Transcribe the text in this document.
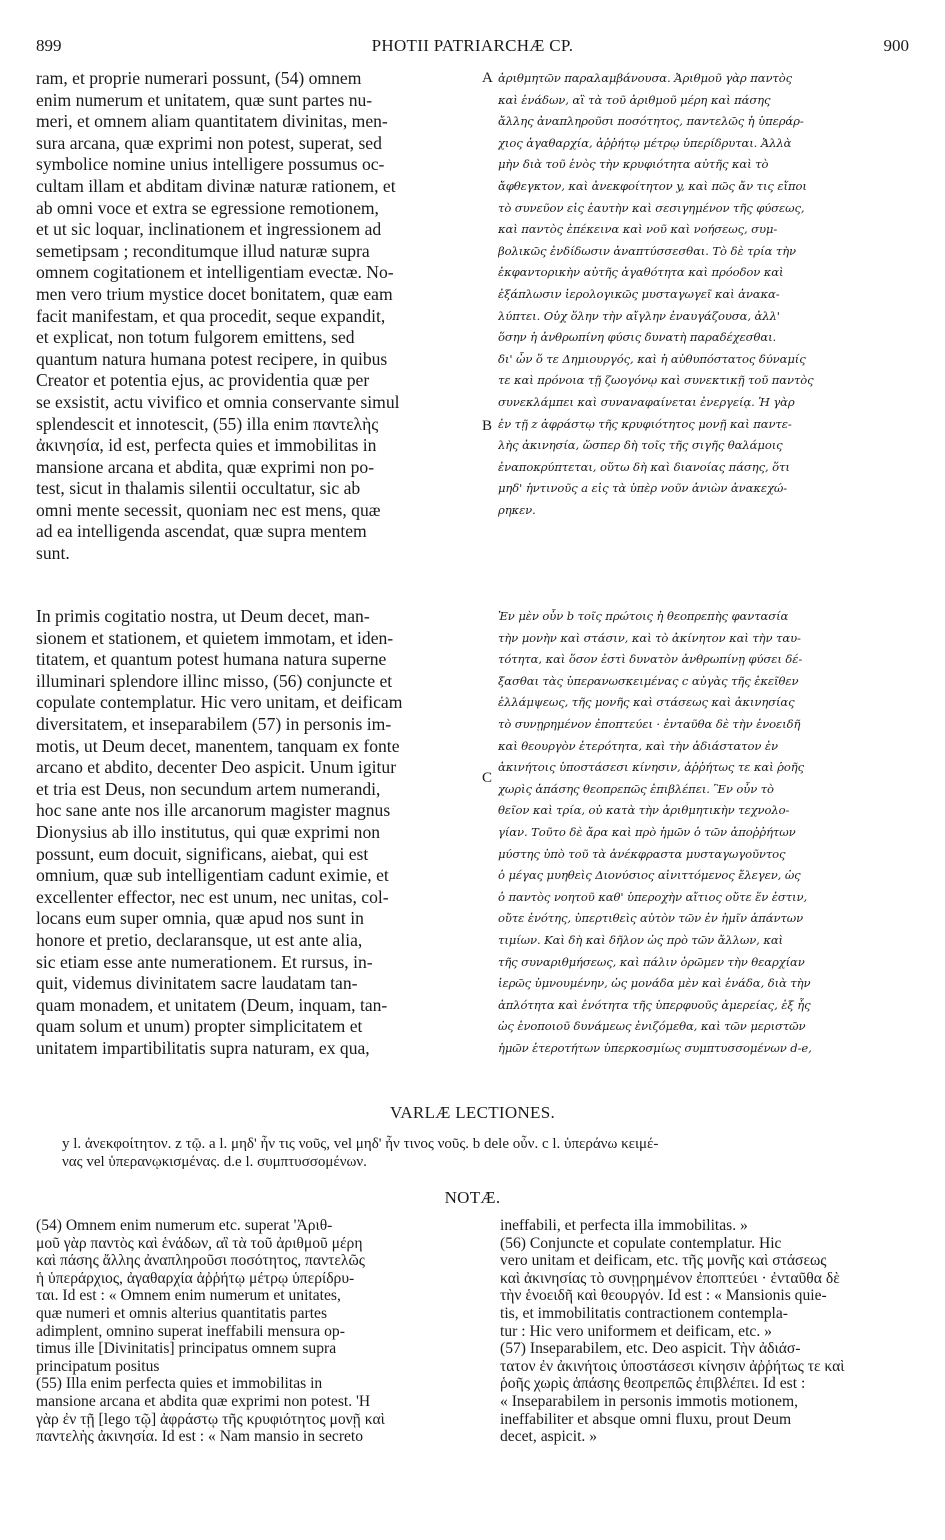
899	PHOTII PATRIARCHÆ CP.	900
ram, et proprie numerari possunt, (54) omnem
enim numerum et unitatem, quæ sunt partes nu-
meri, et omnem aliam quantitatem divinitas, men-
sura arcana, quæ exprimi non potest, superat, sed
symbolice nomine unius intelligere possumus oc-
cultam illam et abditam divinæ naturæ rationem, et
ab omni voce et extra se egressione remotionem,
et ut sic loquar, inclinationem et ingressionem ad
semetipsam ; reconditumque illud naturæ supra
omnem cogitationem et intelligentiam evectæ. No-
men vero trium mystice docet bonitatem, quæ eam
facit manifestam, et qua procedit, seque expandit,
et explicat, non totum fulgorem emittens, sed
quantum natura humana potest recipere, in quibus
Creator et potentia ejus, ac providentia quæ per
se exsistit, actu vivifico et omnia conservante simul
splendescit et innotescit, (55) illa enim παντελὴς
ἀκινησία, id est, perfecta quies et immobilitas in
mansione arcana et abdita, quæ exprimi non po-
test, sicut in thalamis silentii occultatur, sic ab
omni mente secessit, quoniam nec est mens, quæ
ad ea intelligenda ascendat, quæ supra mentem
sunt.
ἀριθμητῶν παραλαμβάνουσα. Ἀριθμοῦ γὰρ παντὸς
καὶ ἑνάδων, αἳ τὰ τοῦ ἀριθμοῦ μέρη καὶ πάσης
ἄλλης ἀναπληροῦσι ποσότητος, παντελῶς ἡ ὑπεράρ-
χιος ἀγαθαρχία, ἀῤῥήτῳ μέτρῳ ὑπερίδρυται. Ἀλλὰ
μὴν διὰ τοῦ ἑνὸς τὴν κρυφιότητα αὐτῆς καὶ τὸ
ἄφθεγκτον, καὶ ἀνεκφοίτητον y, καὶ πῶς ἄν τις εἴποι
τὸ συνεῦον εἰς ἑαυτὴν καὶ σεσιγημένον τῆς φύσεως,
καὶ παντὸς ἐπέκεινα καὶ νοῦ καὶ νοήσεως, συμ-
βολικῶς ἐνδίδωσιν ἀναπτύσσεσθαι. Τὸ δὲ τρία τὴν
ἐκφαντορικὴν αὐτῆς ἀγαθότητα καὶ πρόοδον καὶ
ἐξάπλωσιν ἱερολογικῶς μυσταγωγεῖ καὶ ἀνακα-
λύπτει. Οὐχ ὅλην τὴν αἴγλην ἐναυγάζουσα, ἀλλ'
ὅσην ἡ ἀνθρωπίνη φύσις δυνατὴ παραδέχεσθαι.
δι' ὧν ὅ τε Δημιουργός, καὶ ἡ αὐθυπόστατος δύναμίς
τε καὶ πρόνοια τῇ ζωογόνῳ καὶ συνεκτικῇ τοῦ παντὸς
συνεκλάμπει καὶ συναναφαίνεται ἐνεργείᾳ. Ἡ γὰρ
ἐν τῇ z ἀφράστῳ τῆς κρυφιότητος μονῇ καὶ παντε-
λὴς ἀκινησία, ὥσπερ δὴ τοῖς τῆς σιγῆς θαλάμοις
ἐναποκρύπτεται, οὕτω δὴ καὶ διανοίας πάσης, ὅτι
μηδ' ἡντινοῦς a εἰς τὰ ὑπὲρ νοῦν ἀνιὼν ἀνακεχώ-
ρηκεν.
A
B
C
In primis cogitatio nostra, ut Deum decet, man-
sionem et stationem, et quietem immotam, et iden-
titatem, et quantum potest humana natura superne
illuminari splendore illinc misso, (56) conjuncte et
copulate contemplatur. Hic vero unitam, et deificam
diversitatem, et inseparabilem (57) in personis im-
motis, ut Deum decet, manentem, tanquam ex fonte
arcano et abdito, decenter Deo aspicit. Unum igitur
et tria est Deus, non secundum artem numerandi,
hoc sane ante nos ille arcanorum magister magnus
Dionysius ab illo institutus, qui quæ exprimi non
possunt, eum docuit, significans, aiebat, qui est
omnium, quæ sub intelligentiam cadunt eximie, et
excellenter effector, nec est unum, nec unitas, col-
locans eum super omnia, quæ apud nos sunt in
honore et pretio, declaransque, ut est ante alia,
sic etiam esse ante numerationem. Et rursus, in-
quit, videmus divinitatem sacre laudatam tan-
quam monadem, et unitatem (Deum, inquam, tan-
quam solum et unum) propter simplicitatem et
unitatem impartibilitatis supra naturam, ex qua,
Ἐν μὲν οὖν b τοῖς πρώτοις ἡ θεοπρεπὴς φαντασία
τὴν μονὴν καὶ στάσιν, καὶ τὸ ἀκίνητον καὶ τὴν ταυ-
τότητα, καὶ ὅσον ἐστὶ δυνατὸν ἀνθρωπίνῃ φύσει δέ-
ξασθαι τὰς ὑπερανωσκειμένας c αὐγὰς τῆς ἐκεῖθεν
ἐλλάμψεως, τῆς μονῆς καὶ στάσεως καὶ ἀκινησίας
τὸ συνῃρημένον ἐποπτεύει · ἐνταῦθα δὲ τὴν ἑνοειδῆ
καὶ θεουργὸν ἑτερότητα, καὶ τὴν ἀδιάστατον ἐν
ἀκινήτοις ὑποστάσεσι κίνησιν, ἀῤῥήτως τε καὶ ῥοῆς
χωρὶς ἁπάσης θεοπρεπῶς ἐπιβλέπει. Ἓν οὖν τὸ
θεῖον καὶ τρία, οὐ κατὰ τὴν ἀριθμητικὴν τεχνολο-
γίαν. Τοῦτο δὲ ἄρα καὶ πρὸ ἡμῶν ὁ τῶν ἀποῤῥήτων
μύστης ὑπὸ τοῦ τὰ ἀνέκφραστα μυσταγωγοῦντος
ὁ μέγας μυηθεὶς Διονύσιος αἰνιττόμενος ἔλεγεν, ὡς
ὁ παντὸς νοητοῦ καθ' ὑπεροχὴν αἴτιος οὔτε ἕν ἐστιν,
οὔτε ἑνότης, ὑπερτιθεὶς αὐτὸν τῶν ἐν ἡμῖν ἁπάντων
τιμίων. Καὶ δὴ καὶ δῆλον ὡς πρὸ τῶν ἄλλων, καὶ
τῆς συναριθμήσεως, καὶ πάλιν ὁρῶμεν τὴν θεαρχίαν
ἱερῶς ὑμνουμένην, ὡς μονάδα μὲν καὶ ἑνάδα, διὰ τὴν
ἁπλότητα καὶ ἑνότητα τῆς ὑπερφυοῦς ἀμερείας, ἐξ ἧς
ὡς ἑνοποιοῦ δυνάμεως ἑνιζόμεθα, καὶ τῶν μεριστῶν
ἡμῶν ἑτεροτήτων ὑπερκοσμίως συμπτυσσομένων d-e,
VARLÆ LECTIONES.
y l. ἀνεκφοίτητον. z τῷ. a l. μηδ' ἦν τις νοῦς, vel μηδ' ἦν τινος νοῦς. b dele οὖν. c l. ὑπεράνω κειμέ-
νας vel ὑπερανῳκισμένας. d.e l. συμπτυσσομένων.
NOTÆ.
(54) Omnem enim numerum etc. superat 'Ἀριθ-
μοῦ γὰρ παντὸς καὶ ἑνάδων, αἳ τὰ τοῦ ἀριθμοῦ μέρη
καὶ πάσης ἄλλης ἀναπληροῦσι ποσότητος, παντελῶς
ἡ ὑπεράρχιος, ἀγαθαρχία ἀῤῥήτῳ μέτρῳ ὑπερίδρυ-
ται. Id est : « Omnem enim numerum et unitates,
quæ numeri et omnis alterius quantitatis partes
adimplent, omnino superat ineffabili mensura op-
timus ille [Divinitatis] principatus omnem supra
principatum positus
(55) Illa enim perfecta quies et immobilitas in
mansione arcana et abdita quæ exprimi non potest. 'Η
γὰρ ἐν τῇ [lego τῷ] ἀφράστῳ τῆς κρυφιότητος μονῇ καὶ
παντελὴς ἀκινησία. Id est : « Nam mansio in secreto
ineffabili, et perfecta illa immobilitas. »
(56) Conjuncte et copulate contemplatur. Hic
vero unitam et deificam, etc. τῆς μονῆς καὶ στάσεως
καὶ ἀκινησίας τὸ συνῃρημένον ἐποπτεύει · ἐνταῦθα δὲ
τὴν ἑνοειδῆ καὶ θεουργόν. Id est : « Mansionis quie-
tis, et immobilitatis contractionem contempla-
tur : Hic vero uniformem et deificam, etc. »
(57) Inseparabilem, etc. Deo aspicit. Τὴν ἀδιάσ-
τατον ἐν ἀκινήτοις ὑποστάσεσι κίνησιν ἀῤῥήτως τε καὶ
ῥοῆς χωρὶς ἁπάσης θεοπρεπῶς ἐπιβλέπει. Id est :
« Inseparabilem in personis immotis motionem,
ineffabiliter et absque omni fluxu, prout Deum
decet, aspicit. »
